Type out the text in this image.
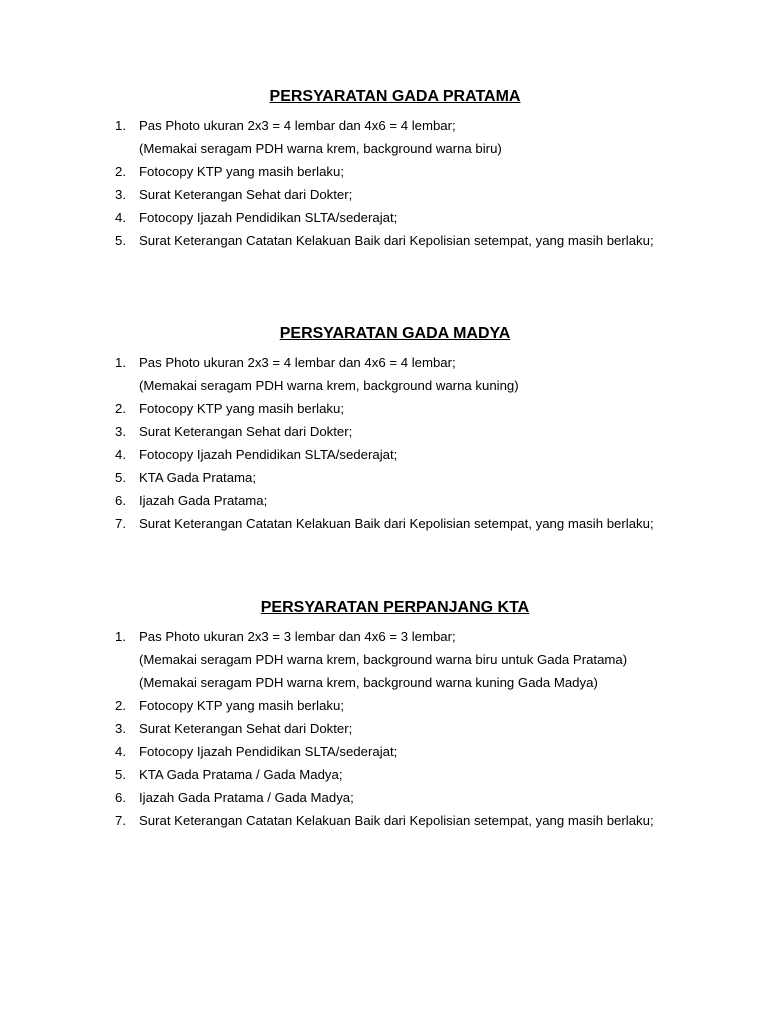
PERSYARATAN GADA PRATAMA
1. Pas Photo ukuran 2x3 = 4 lembar dan 4x6 = 4 lembar;
(Memakai seragam PDH warna krem, background warna biru)
2. Fotocopy KTP yang masih berlaku;
3. Surat Keterangan Sehat dari Dokter;
4. Fotocopy Ijazah Pendidikan SLTA/sederajat;
5. Surat Keterangan Catatan Kelakuan Baik dari Kepolisian setempat, yang masih berlaku;
PERSYARATAN GADA MADYA
1. Pas Photo ukuran 2x3 = 4 lembar dan 4x6 = 4 lembar;
(Memakai seragam PDH warna krem, background warna kuning)
2. Fotocopy KTP yang masih berlaku;
3. Surat Keterangan Sehat dari Dokter;
4. Fotocopy Ijazah Pendidikan SLTA/sederajat;
5. KTA Gada Pratama;
6. Ijazah Gada Pratama;
7. Surat Keterangan Catatan Kelakuan Baik dari Kepolisian setempat, yang masih berlaku;
PERSYARATAN PERPANJANG KTA
1. Pas Photo ukuran 2x3 = 3 lembar dan 4x6 = 3 lembar;
(Memakai seragam PDH warna krem, background warna biru untuk Gada Pratama)
(Memakai seragam PDH warna krem, background warna kuning Gada Madya)
2. Fotocopy KTP yang masih berlaku;
3. Surat Keterangan Sehat dari Dokter;
4. Fotocopy Ijazah Pendidikan SLTA/sederajat;
5. KTA Gada Pratama / Gada Madya;
6. Ijazah Gada Pratama / Gada Madya;
7. Surat Keterangan Catatan Kelakuan Baik dari Kepolisian setempat, yang masih berlaku;
